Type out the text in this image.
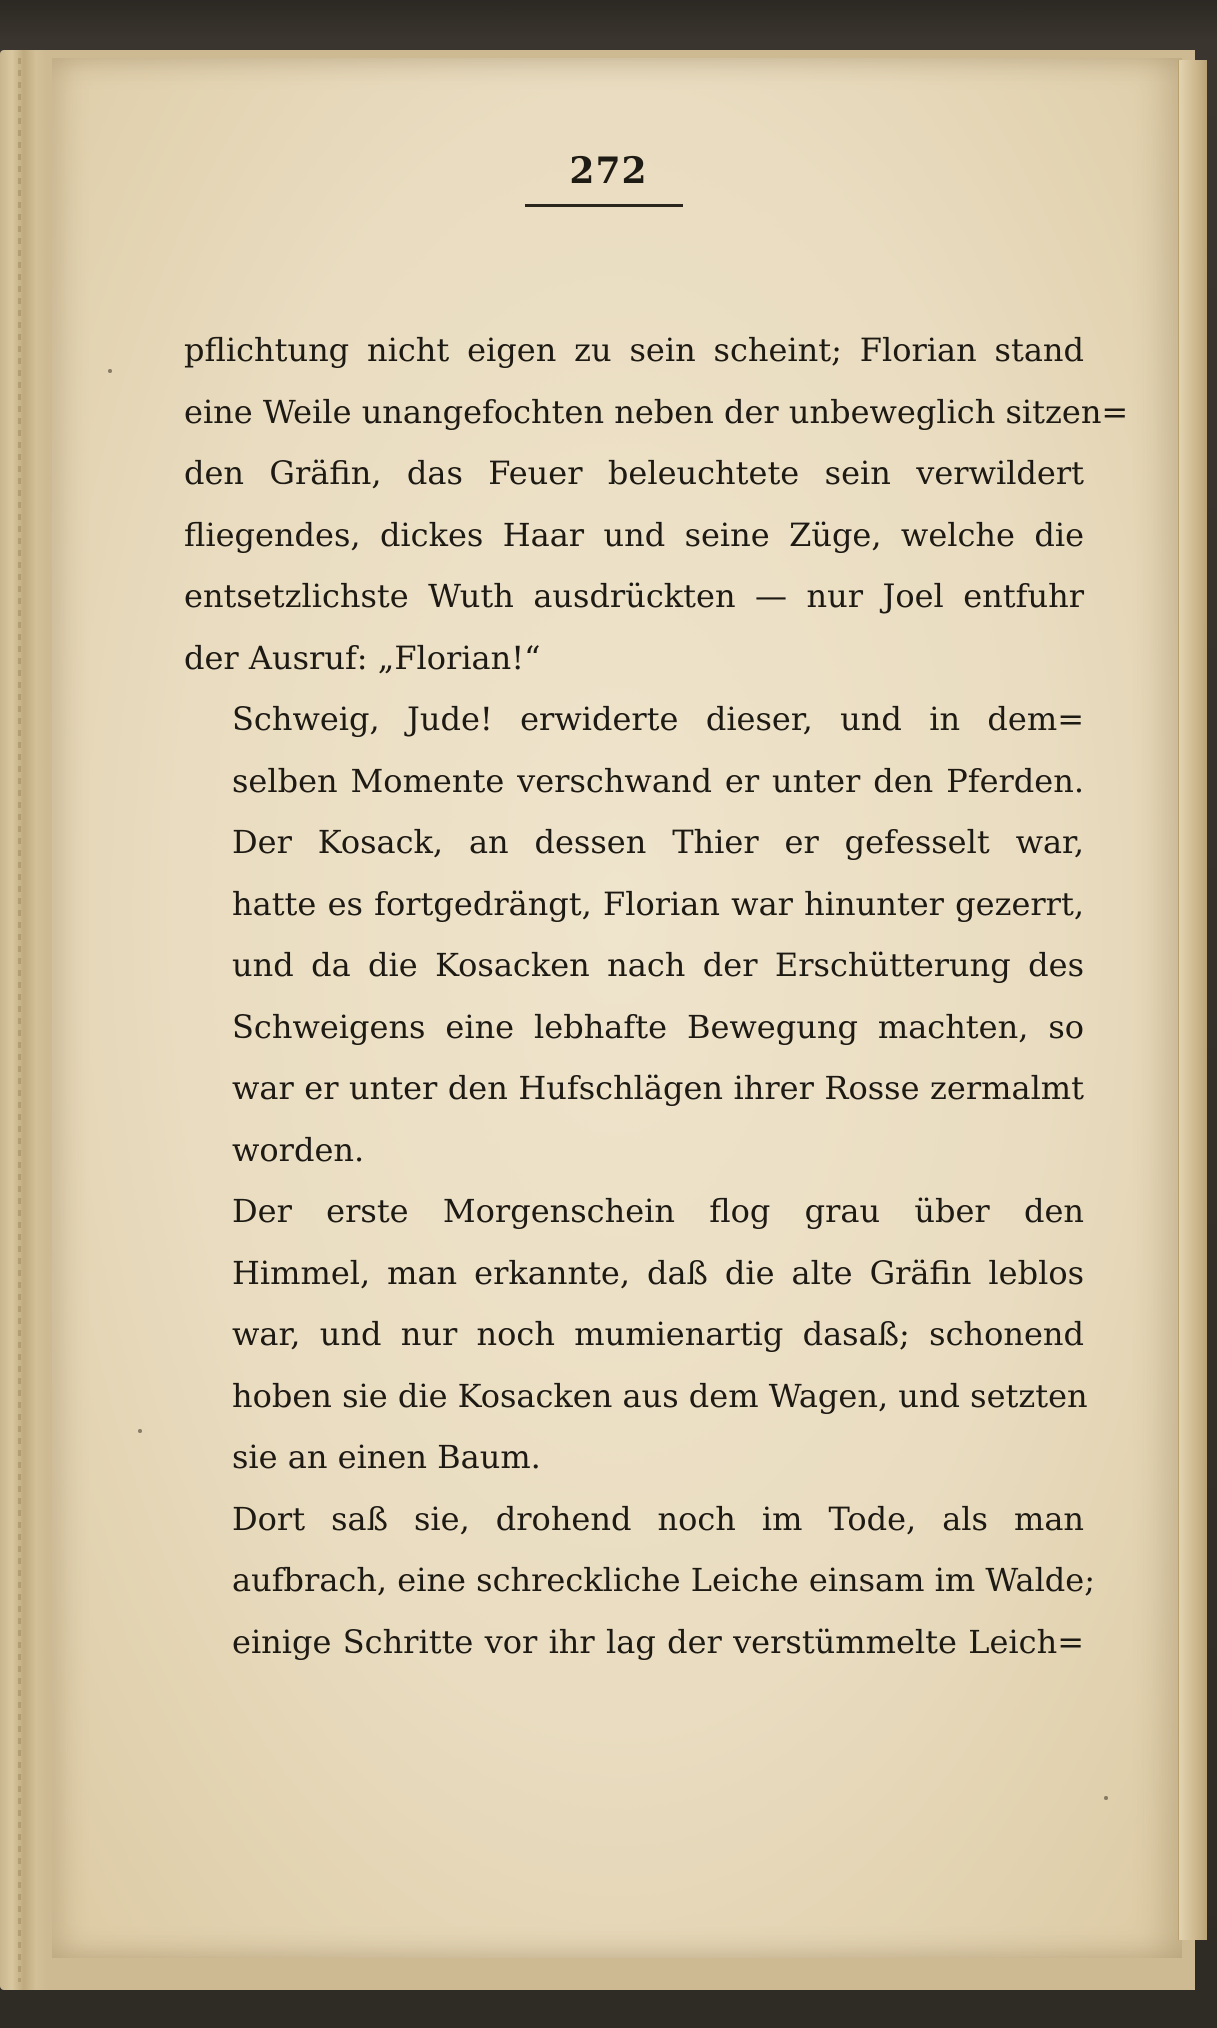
272

pflichtung nicht eigen zu sein scheint; Florian stand
eine Weile unangefochten neben der unbeweglich sitzen=
den Gräfin, das Feuer beleuchtete sein verwildert
fliegendes, dickes Haar und seine Züge, welche die
entsetzlichste Wuth ausdrückten — nur Joel entfuhr
der Ausruf: „Florian!“

Schweig, Jude! erwiderte dieser, und in dem=
selben Momente verschwand er unter den Pferden.
Der Kosack, an dessen Thier er gefesselt war,
hatte es fortgedrängt, Florian war hinunter gezerrt,
und da die Kosacken nach der Erschütterung des
Schweigens eine lebhafte Bewegung machten, so
war er unter den Hufschlägen ihrer Rosse zermalmt
worden.

Der erste Morgenschein flog grau über den
Himmel, man erkannte, daß die alte Gräfin leblos
war, und nur noch mumienartig dasaß; schonend
hoben sie die Kosacken aus dem Wagen, und setzten
sie an einen Baum.

Dort saß sie, drohend noch im Tode, als man
aufbrach, eine schreckliche Leiche einsam im Walde;
einige Schritte vor ihr lag der verstümmelte Leich=
